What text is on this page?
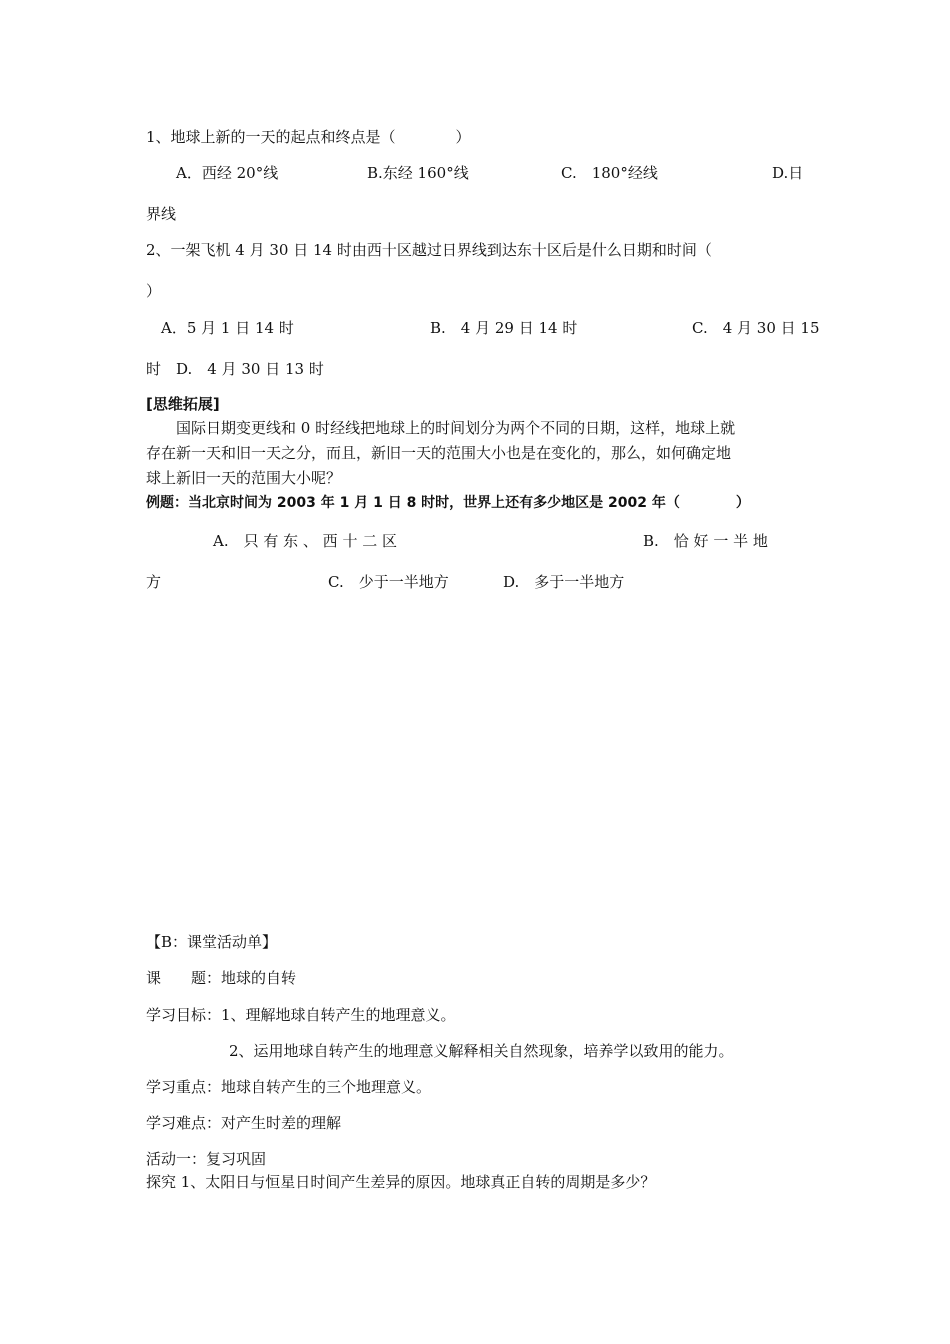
1、地球上新的一天的起点和终点是（　　　　）
A．西经 20°线	B.东经 160°线	C.　180°经线	D.日
界线
2、一架飞机 4 月 30 日 14 时由西十区越过日界线到达东十区后是什么日期和时间（
）
A．5 月 1 日 14 时	B.　4 月 29 日 14 时	C.　4 月 30 日 15
时 D.　4 月 30 日 13 时
[思维拓展]
国际日期变更线和 0 时经线把地球上的时间划分为两个不同的日期，这样，地球上就
存在新一天和旧一天之分，而且，新旧一天的范围大小也是在变化的，那么，如何确定地
球上新旧一天的范围大小呢？
例题：当北京时间为 2003 年 1 月 1 日 8 时时，世界上还有多少地区是 2002 年（　　　　）
A.　只 有 东 、 西 十 二 区	B.　恰 好 一 半 地
方	C.　少于一半地方	D.　多于一半地方
【B：课堂活动单】
课　　题：地球的自转
学习目标：1、理解地球自转产生的地理意义。
2、运用地球自转产生的地理意义解释相关自然现象，培养学以致用的能力。
学习重点：地球自转产生的三个地理意义。
学习难点：对产生时差的理解
活动一：复习巩固
探究 1、太阳日与恒星日时间产生差异的原因。地球真正自转的周期是多少？
